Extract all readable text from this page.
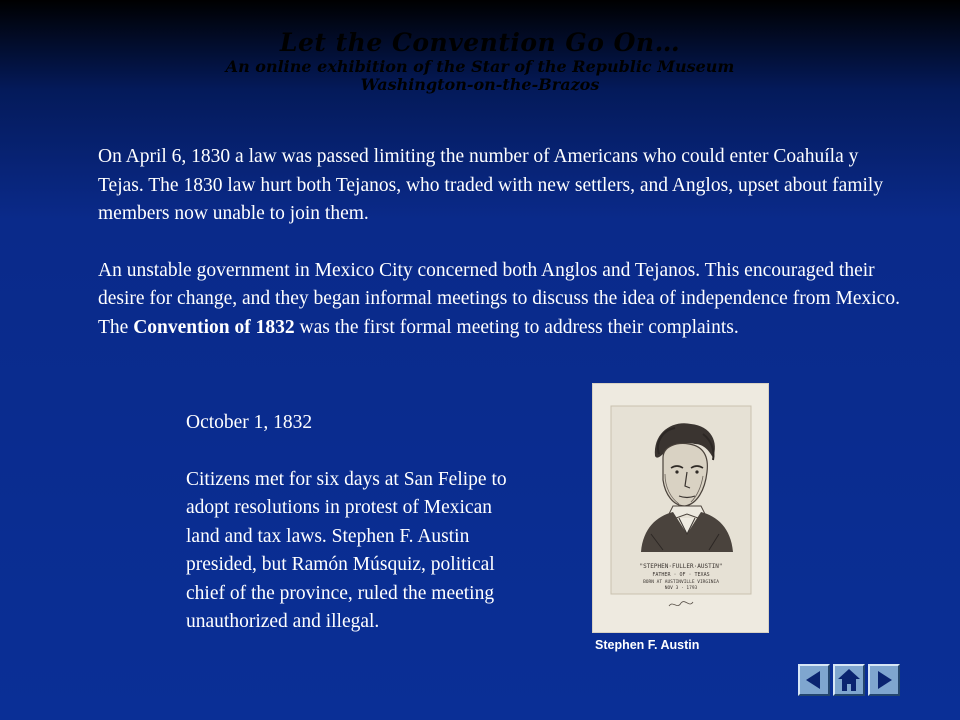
Let the Convention Go On…
An online exhibition of the Star of the Republic Museum
Washington-on-the-Brazos

On April 6, 1830 a law was passed limiting the number of Americans who could enter Coahuíla y Tejas. The 1830 law hurt both Tejanos, who traded with new settlers, and Anglos, upset about family members now unable to join them.

An unstable government in Mexico City concerned both Anglos and Tejanos. This encouraged their desire for change, and they began informal meetings to discuss the idea of independence from Mexico. The Convention of 1832 was the first formal meeting to address their complaints.

October 1, 1832

Citizens met for six days at San Felipe to adopt resolutions in protest of Mexican land and tax laws. Stephen F. Austin presided, but Ramón Músquiz, political chief of the province, ruled the meeting unauthorized and illegal.

"STEPHEN·FULLER·AUSTIN"
FATHER · OF · TEXAS
BORN AT AUSTINVILLE VIRGINIA
NOV 3 · 1793
Stephen F. Austin
